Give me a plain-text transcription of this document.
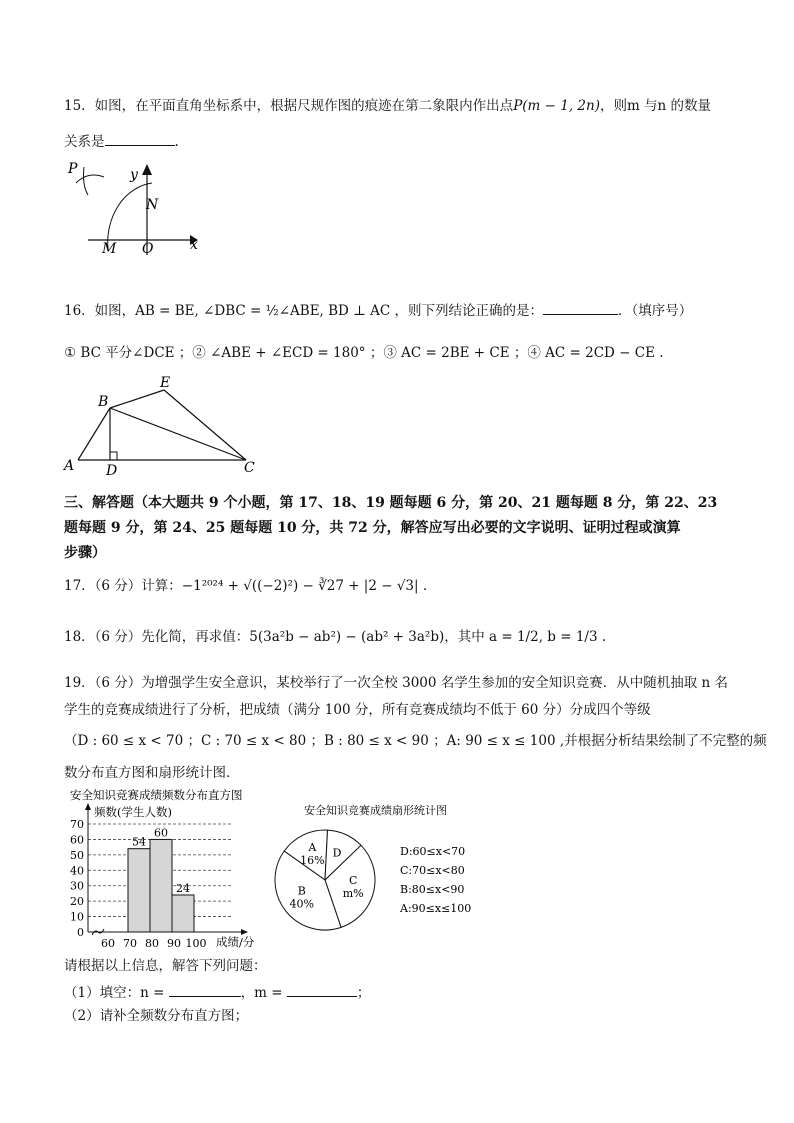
15．如图，在平面直角坐标系中，根据尺规作图的痕迹在第二象限内作出点P(m − 1, 2n)，则m 与n 的数量
关系是	.
P	y
N
M O	x
16．如图，AB = BE, ∠DBC = ½∠ABE, BD ⊥ AC ，则下列结论正确的是：	．（填序号）
① BC 平分∠DCE ；② ∠ABE + ∠ECD = 180° ；③ AC = 2BE + CE ；④ AC = 2CD − CE .
A
B
C
D
E
三、解答题（本大题共 9 个小题，第 17、18、19 题每题 6 分，第 20、21 题每题 8 分，第 22、23
题每题 9 分，第 24、25 题每题 10 分，共 72 分，解答应写出必要的文字说明、证明过程或演算
步骤）
17．（6 分）计算：−1²⁰²⁴ + √((−2)²) − ∛27 + |2 − √3| .
18．（6 分）先化简，再求值：5(3a²b − ab²) − (ab² + 3a²b)，其中 a = 1/2, b = 1/3 .
19．（6 分）为增强学生安全意识，某校举行了一次全校 3000 名学生参加的安全知识竞赛．从中随机抽取 n 名
学生的竞赛成绩进行了分析，把成绩（满分 100 分，所有竞赛成绩均不低于 60 分）分成四个等级
（D : 60 ≤ x < 70 ；C : 70 ≤ x < 80 ；B : 80 ≤ x < 90 ；A: 90 ≤ x ≤ 100 ,并根据分析结果绘制了不完整的频
数分布直方图和扇形统计图．
安全知识竞赛成绩频数分布直方图
频数(学生人数)
成绩/分
0
10
20
30
40
50
60
70
60 70 80 90 100
54
60
24
安全知识竞赛成绩扇形统计图
A
16%
D
C
m%
B
40%
D:60≤x<70
C:70≤x<80
B:80≤x<90
A:90≤x≤100
请根据以上信息，解答下列问题：
（1）填空：n =	，m =	；
（2）请补全频数分布直方图；
